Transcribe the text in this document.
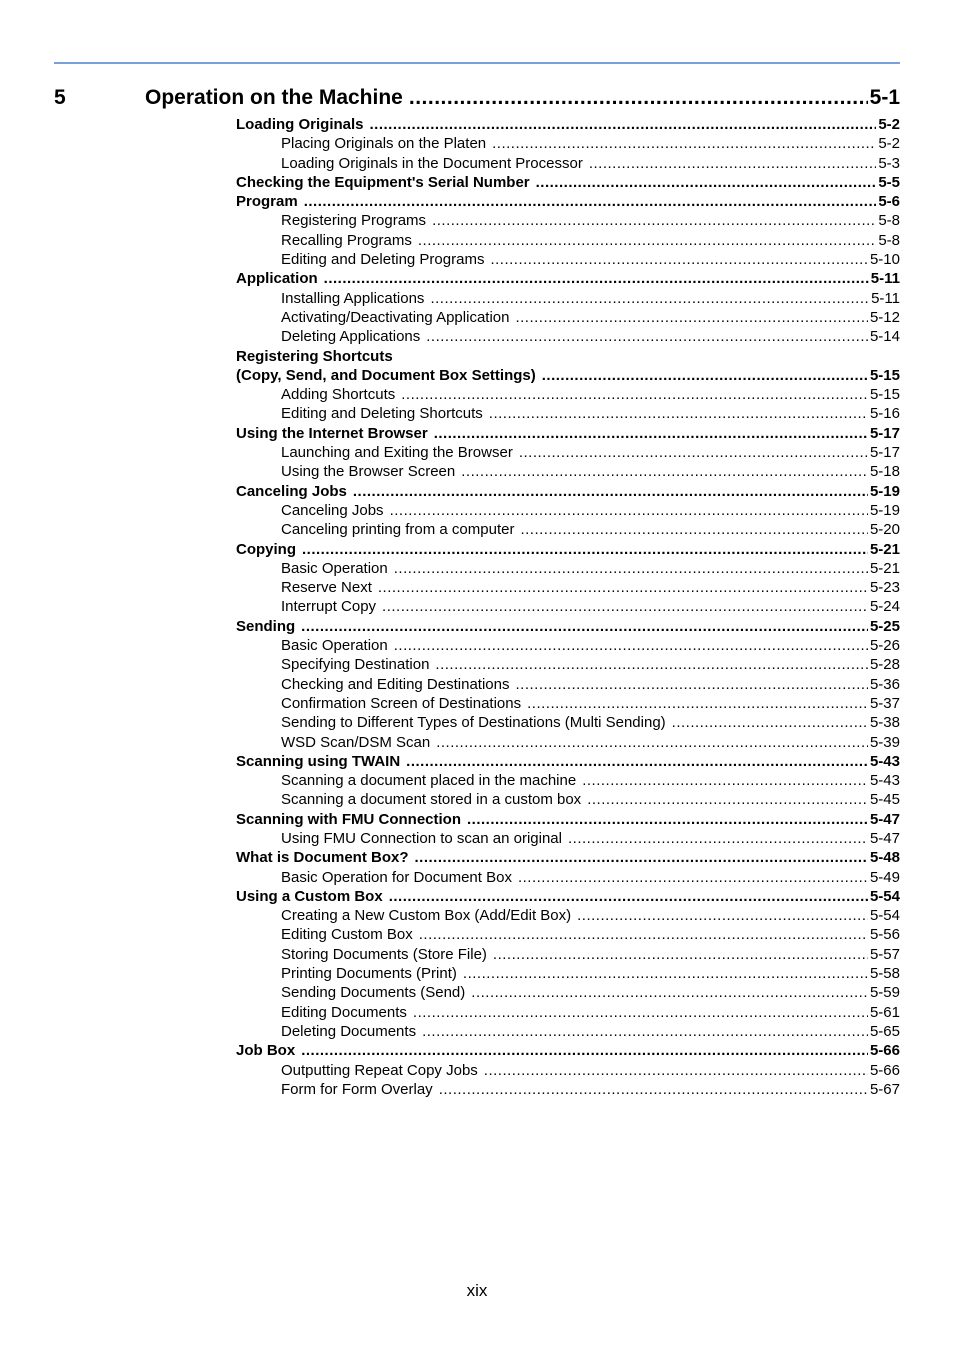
5	Operation on the Machine .....	5-1
Loading Originals .....	5-2
Placing Originals on the Platen .....	5-2
Loading Originals in the Document Processor .....	5-3
Checking the Equipment's Serial Number .....	5-5
Program .....	5-6
Registering Programs .....	5-8
Recalling Programs .....	5-8
Editing and Deleting Programs .....	5-10
Application .....	5-11
Installing Applications .....	5-11
Activating/Deactivating Application .....	5-12
Deleting Applications .....	5-14
Registering Shortcuts
(Copy, Send, and Document Box Settings) .....	5-15
Adding Shortcuts .....	5-15
Editing and Deleting Shortcuts .....	5-16
Using the Internet Browser .....	5-17
Launching and Exiting the Browser .....	5-17
Using the Browser Screen .....	5-18
Canceling Jobs .....	5-19
Canceling Jobs .....	5-19
Canceling printing from a computer .....	5-20
Copying .....	5-21
Basic Operation .....	5-21
Reserve Next .....	5-23
Interrupt Copy .....	5-24
Sending .....	5-25
Basic Operation .....	5-26
Specifying Destination .....	5-28
Checking and Editing Destinations .....	5-36
Confirmation Screen of Destinations .....	5-37
Sending to Different Types of Destinations (Multi Sending) .....	5-38
WSD Scan/DSM Scan .....	5-39
Scanning using TWAIN .....	5-43
Scanning a document placed in the machine .....	5-43
Scanning a document stored in a custom box .....	5-45
Scanning with FMU Connection .....	5-47
Using FMU Connection to scan an original .....	5-47
What is Document Box? .....	5-48
Basic Operation for Document Box .....	5-49
Using a Custom Box .....	5-54
Creating a New Custom Box (Add/Edit Box) .....	5-54
Editing Custom Box .....	5-56
Storing Documents (Store File) .....	5-57
Printing Documents (Print) .....	5-58
Sending Documents (Send) .....	5-59
Editing Documents .....	5-61
Deleting Documents .....	5-65
Job Box .....	5-66
Outputting Repeat Copy Jobs .....	5-66
Form for Form Overlay .....	5-67
xix
